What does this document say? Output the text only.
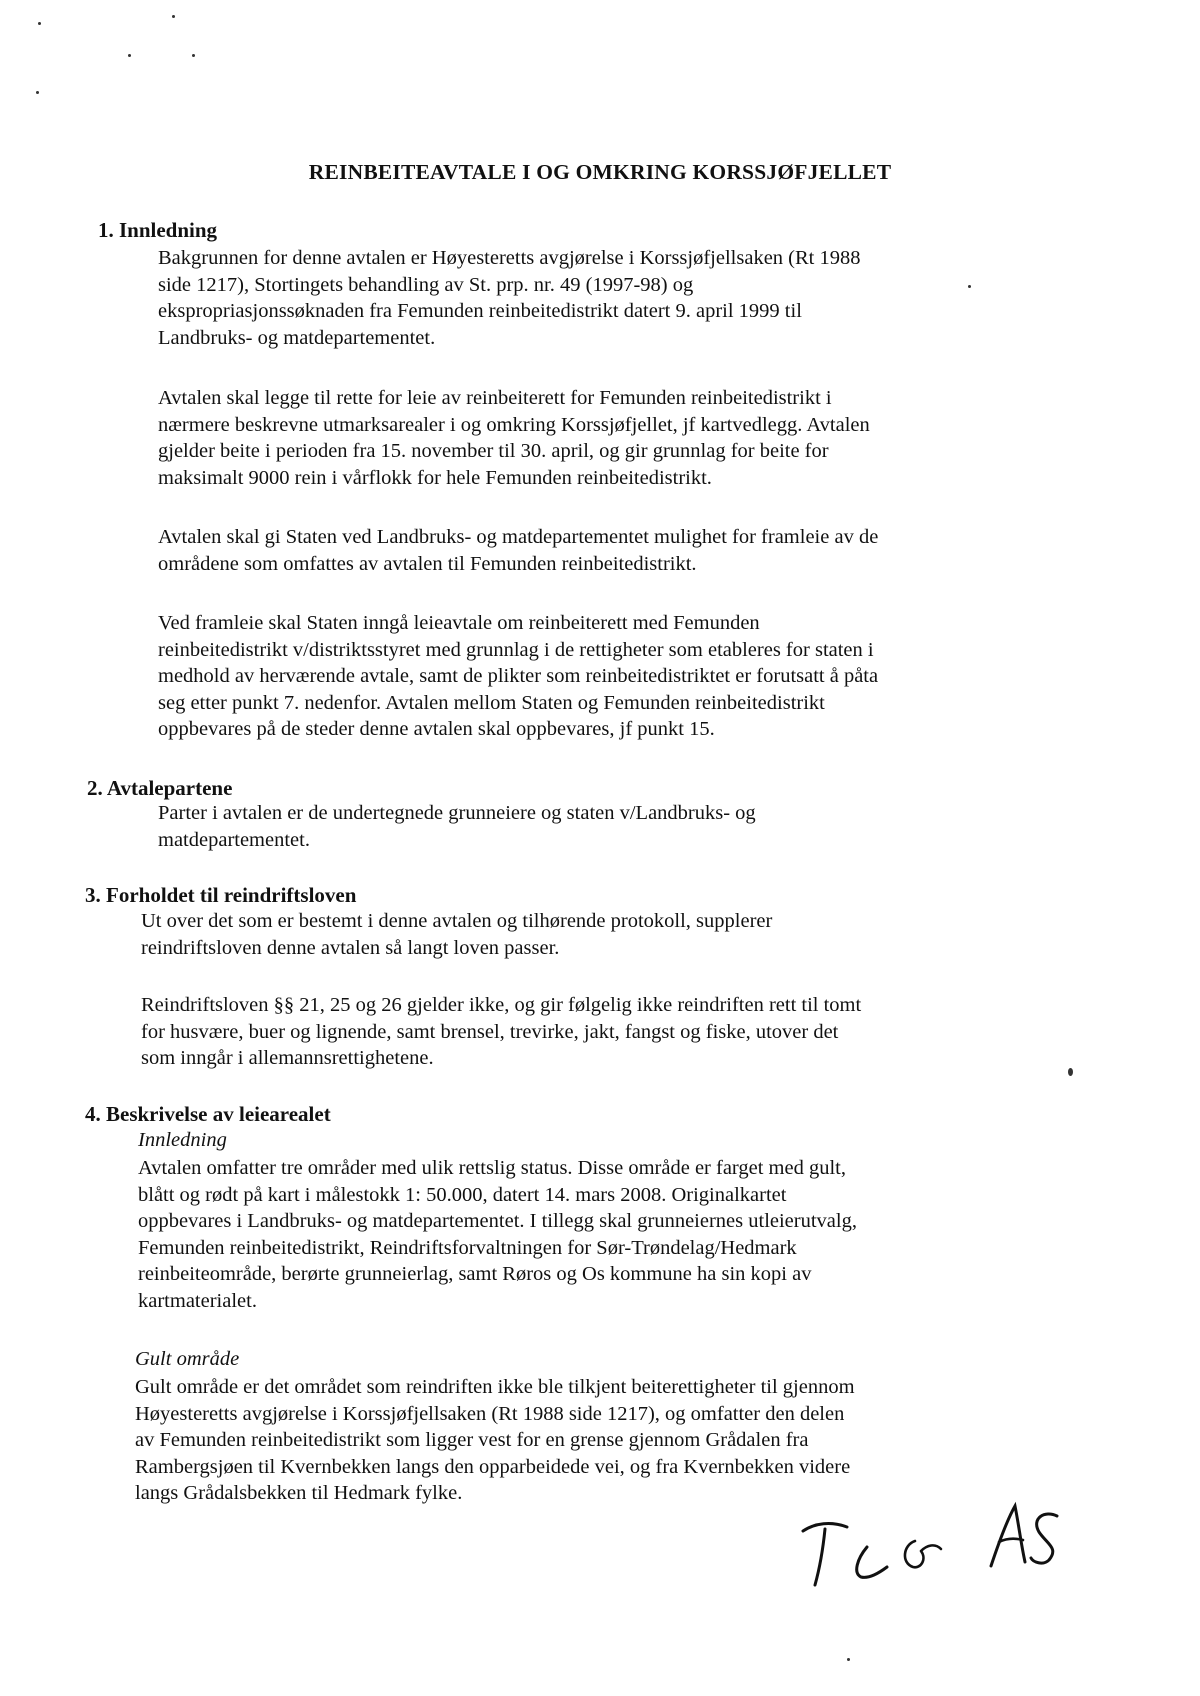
REINBEITEAVTALE I OG OMKRING KORSSJØFJELLET
1. Innledning
Bakgrunnen for denne avtalen er Høyesteretts avgjørelse i Korssjøfjellsaken (Rt 1988
side 1217), Stortingets behandling av St. prp. nr. 49 (1997-98) og
ekspropriasjonssøknaden fra Femunden reinbeitedistrikt datert 9. april 1999 til
Landbruks- og matdepartementet.
Avtalen skal legge til rette for leie av reinbeiterett for Femunden reinbeitedistrikt i
nærmere beskrevne utmarksarealer i og omkring Korssjøfjellet, jf kartvedlegg. Avtalen
gjelder beite i perioden fra 15. november til 30. april, og gir grunnlag for beite for
maksimalt 9000 rein i vårflokk for hele Femunden reinbeitedistrikt.
Avtalen skal gi Staten ved Landbruks- og matdepartementet mulighet for framleie av de
områdene som omfattes av avtalen til Femunden reinbeitedistrikt.
Ved framleie skal Staten inngå leieavtale om reinbeiterett med Femunden
reinbeitedistrikt v/distriktsstyret med grunnlag i de rettigheter som etableres for staten i
medhold av herværende avtale, samt de plikter som reinbeitedistriktet er forutsatt å påta
seg etter punkt 7. nedenfor. Avtalen mellom Staten og Femunden reinbeitedistrikt
oppbevares på de steder denne avtalen skal oppbevares, jf punkt 15.
2. Avtalepartene
Parter i avtalen er de undertegnede grunneiere og staten v/Landbruks- og
matdepartementet.
3. Forholdet til reindriftsloven
Ut over det som er bestemt i denne avtalen og tilhørende protokoll, supplerer
reindriftsloven denne avtalen så langt loven passer.
Reindriftsloven §§ 21, 25 og 26 gjelder ikke, og gir følgelig ikke reindriften rett til tomt
for husvære, buer og lignende, samt brensel, trevirke, jakt, fangst og fiske, utover det
som inngår i allemannsrettighetene.
4. Beskrivelse av leiearealet
Innledning
Avtalen omfatter tre områder med ulik rettslig status. Disse område er farget med gult,
blått og rødt på kart i målestokk 1: 50.000, datert 14. mars 2008. Originalkartet
oppbevares i Landbruks- og matdepartementet. I tillegg skal grunneiernes utleierutvalg,
Femunden reinbeitedistrikt, Reindriftsforvaltningen for Sør-Trøndelag/Hedmark
reinbeiteområde, berørte grunneierlag, samt Røros og Os kommune ha sin kopi av
kartmaterialet.
Gult område
Gult område er det området som reindriften ikke ble tilkjent beiterettigheter til gjennom
Høyesteretts avgjørelse i Korssjøfjellsaken (Rt 1988 side 1217), og omfatter den delen
av Femunden reinbeitedistrikt som ligger vest for en grense gjennom Grådalen fra
Rambergsjøen til Kvernbekken langs den opparbeidede vei, og fra Kvernbekken videre
langs Grådalsbekken til Hedmark fylke.
